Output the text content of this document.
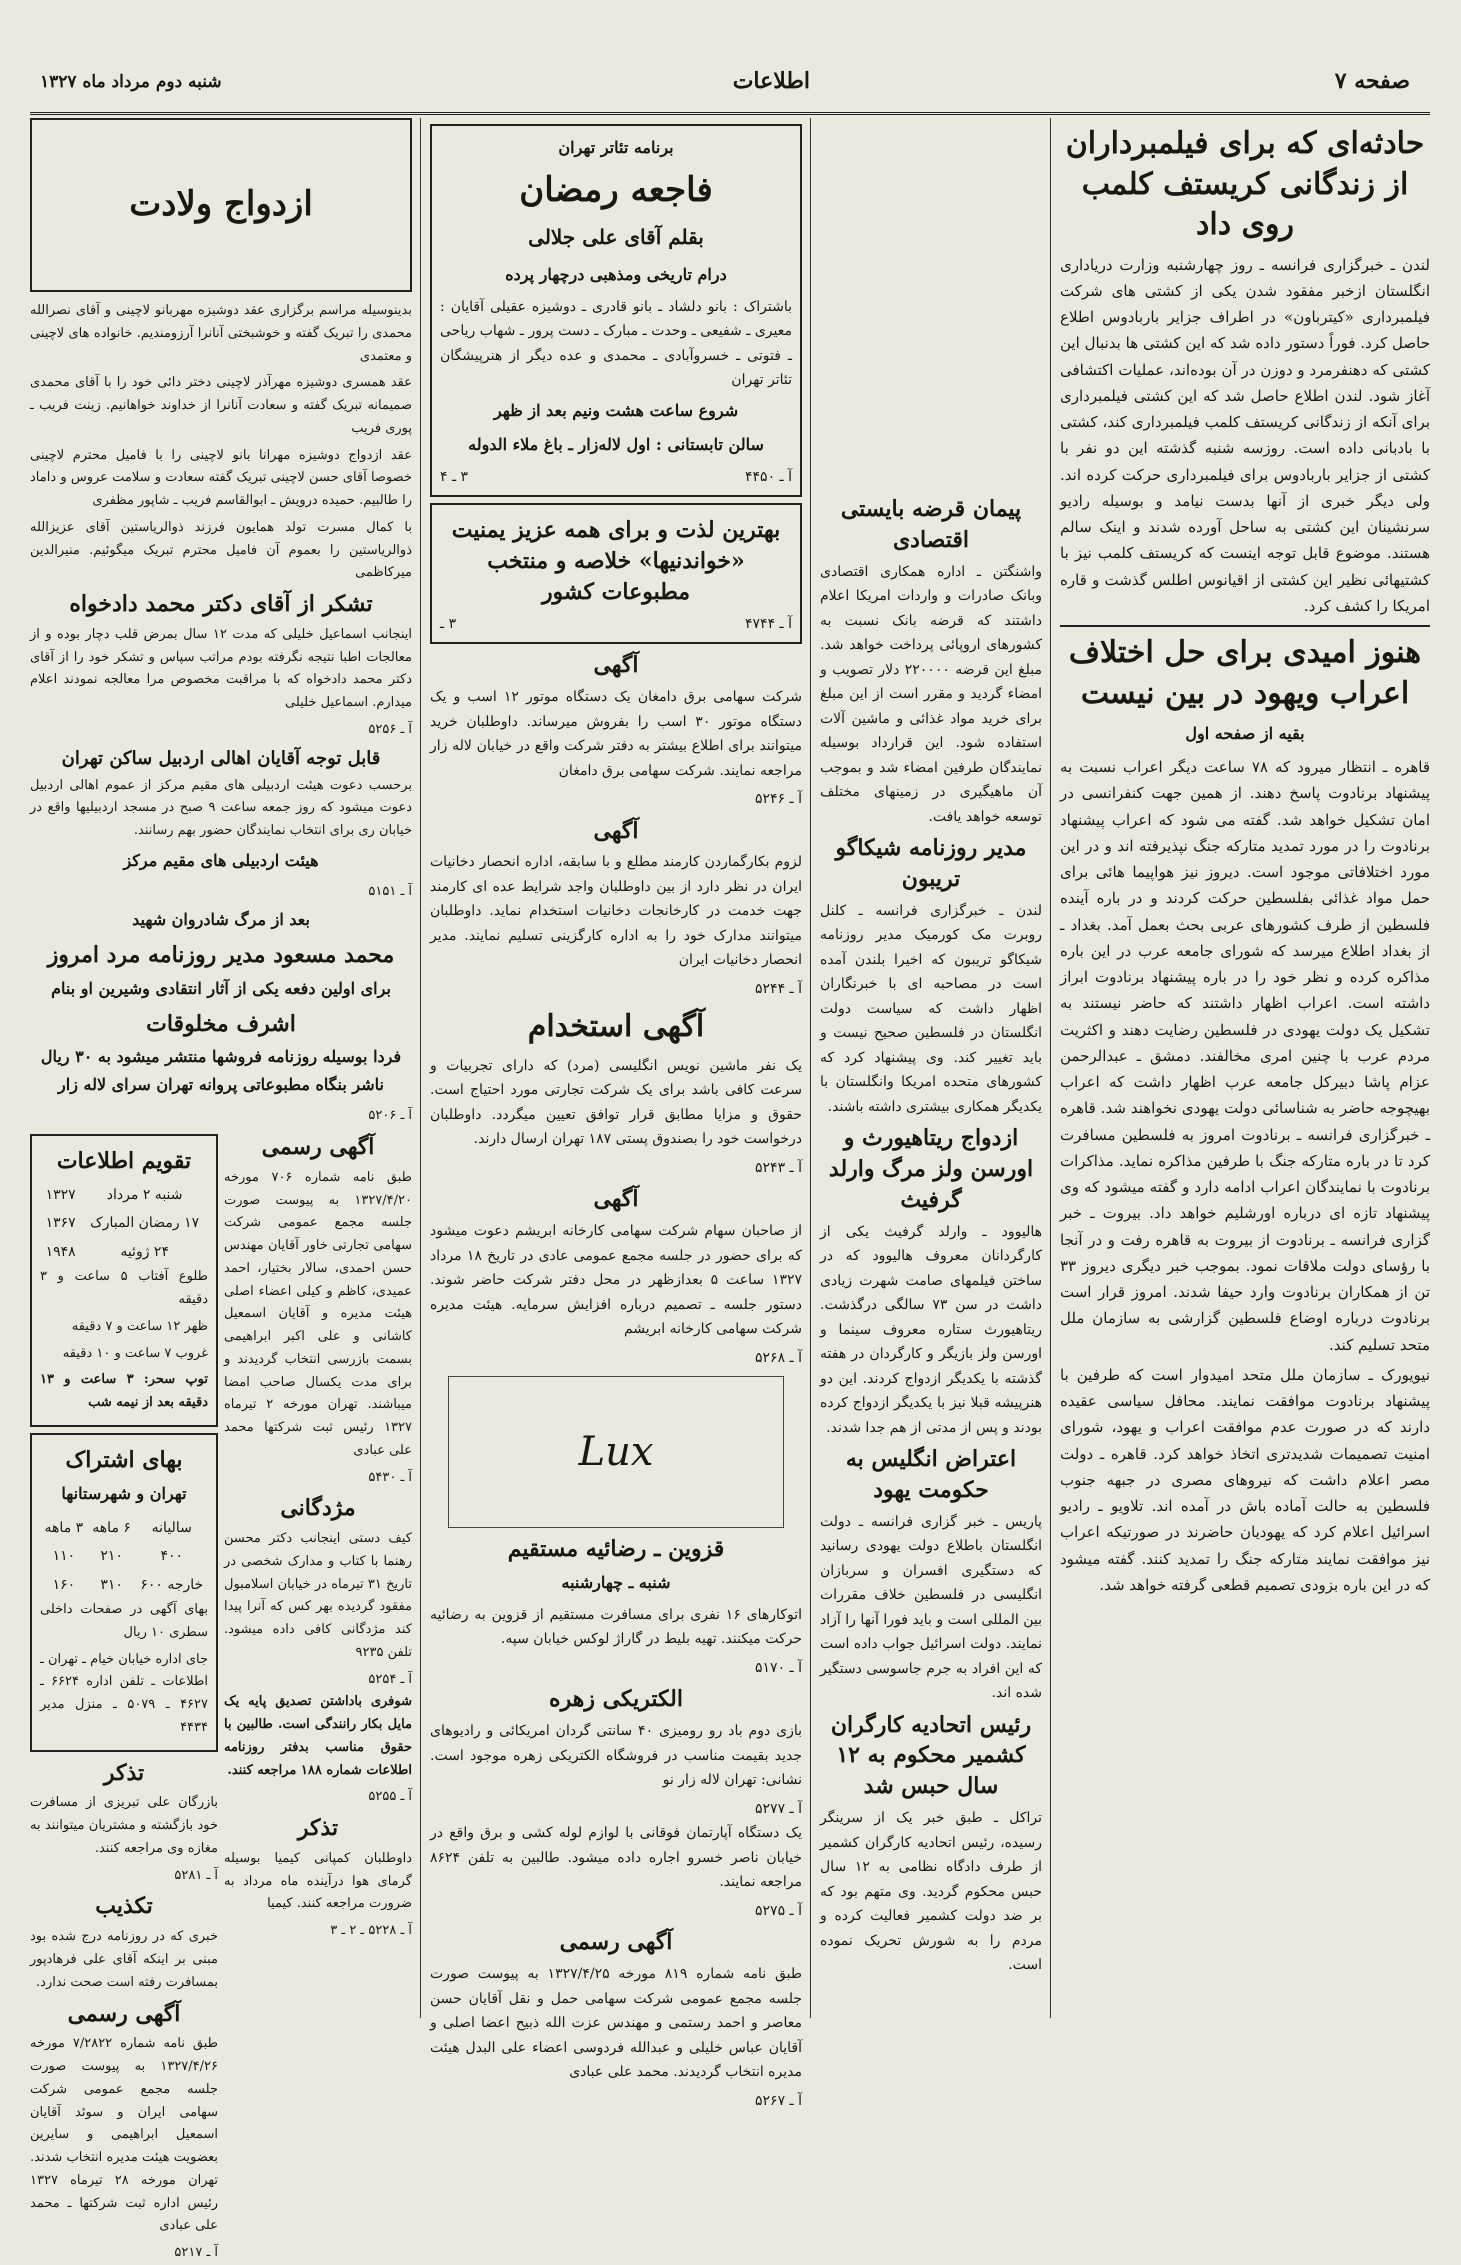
صفحه ۷
اطلاعات
شنبه دوم مرداد ماه ۱۳۲۷
حادثه‌ای که برای فیلمبرداران از زندگانی کریستف کلمب روی داد
لندن ـ خبرگزاری فرانسه ـ روز چهارشنبه وزارت دریاداری انگلستان ازخبر مفقود شدن یکی از کشتی های شرکت فیلمبرداری «کیترباون» در اطراف جزایر باربادوس اطلاع حاصل کرد. فوراً دستور داده شد که این کشتی ها بدنبال این کشتی که دهنفرمرد و دوزن در آن بوده‌اند، عملیات اکتشافی آغاز شود. لندن اطلاع حاصل شد که این کشتی فیلمبرداری برای آنکه از زندگانی کریستف کلمب فیلمبرداری کند، کشتی با بادبانی داده است. روزسه شنبه گذشته این دو نفر با کشتی از جزایر باربادوس برای فیلمبرداری حرکت کرده اند. ولی دیگر خبری از آنها بدست نیامد و بوسیله رادیو سرنشینان این کشتی به ساحل آورده شدند و اینک سالم هستند. موضوع قابل توجه اینست که کریستف کلمب نیز با کشتیهائی نظیر این کشتی از اقیانوس اطلس گذشت و قاره امریکا را کشف کرد.
هنوز امیدی برای حل اختلاف اعراب ویهود در بین نیست
بقیه از صفحه اول
قاهره ـ انتظار میرود که ۷۸ ساعت دیگر اعراب نسبت به پیشنهاد برنادوت پاسخ دهند. از همین جهت کنفرانسی در امان تشکیل خواهد شد. گفته می شود که اعراب پیشنهاد برنادوت را در مورد تمدید متارکه جنگ نپذیرفته اند و در این مورد اختلافاتی موجود است. دیروز نیز هواپیما هائی برای حمل مواد غذائی بفلسطین حرکت کردند و در باره آینده فلسطین از طرف کشورهای عربی بحث بعمل آمد. بغداد ـ از بغداد اطلاع میرسد که شورای جامعه عرب در این باره مذاکره کرده و نظر خود را در باره پیشنهاد برنادوت ابراز داشته است. اعراب اظهار داشتند که حاضر نیستند به تشکیل یک دولت یهودی در فلسطین رضایت دهند و اکثریت مردم عرب با چنین امری مخالفند. دمشق ـ عبدالرحمن عزام پاشا دبیرکل جامعه عرب اظهار داشت که اعراب بهیچوجه حاضر به شناسائی دولت یهودی نخواهند شد. قاهره ـ خبرگزاری فرانسه ـ برنادوت امروز به فلسطین مسافرت کرد تا در باره متارکه جنگ با طرفین مذاکره نماید. مذاکرات برنادوت با نمایندگان اعراب ادامه دارد و گفته میشود که وی پیشنهاد تازه ای درباره اورشلیم خواهد داد. بیروت ـ خبر گزاری فرانسه ـ برنادوت از بیروت به قاهره رفت و در آنجا با رؤسای دولت ملاقات نمود. بموجب خبر دیگری دیروز ۳۳ تن از همکاران برنادوت وارد حیفا شدند. امروز قرار است برنادوت درباره اوضاع فلسطین گزارشی به سازمان ملل متحد تسلیم کند.
نیویورک ـ سازمان ملل متحد امیدوار است که طرفین با پیشنهاد برنادوت موافقت نمایند. محافل سیاسی عقیده دارند که در صورت عدم موافقت اعراب و یهود، شورای امنیت تصمیمات شدیدتری اتخاذ خواهد کرد. قاهره ـ دولت مصر اعلام داشت که نیروهای مصری در جبهه جنوب فلسطین به حالت آماده باش در آمده اند. تلاویو ـ رادیو اسرائیل اعلام کرد که یهودیان حاضرند در صورتیکه اعراب نیز موافقت نمایند متارکه جنگ را تمدید کنند. گفته میشود که در این باره بزودی تصمیم قطعی گرفته خواهد شد.
پیمان قرضه بایستی اقتصادی
واشنگتن ـ اداره همکاری اقتصادی وبانک صادرات و واردات امریکا اعلام داشتند که قرضه بانک نسبت به کشورهای اروپائی پرداخت خواهد شد. مبلغ این قرضه ۲۲۰۰۰۰ دلار تصویب و امضاء گردید و مقرر است از این مبلغ برای خرید مواد غذائی و ماشین آلات استفاده شود. این قرارداد بوسیله نمایندگان طرفین امضاء شد و بموجب آن ماهیگیری در زمینهای مختلف توسعه خواهد یافت.
مدیر روزنامه شیکاگو تریبون
لندن ـ خبرگزاری فرانسه ـ کلنل روبرت مک کورمیک مدیر روزنامه شیکاگو تریبون که اخیرا بلندن آمده است در مصاحبه ای با خبرنگاران اظهار داشت که سیاست دولت انگلستان در فلسطین صحیح نیست و باید تغییر کند. وی پیشنهاد کرد که کشورهای متحده امریکا وانگلستان با یکدیگر همکاری بیشتری داشته باشند.
ازدواج ریتاهیورث و اورسن ولز مرگ وارلد گرفیث
هالیوود ـ وارلد گرفیث یکی از کارگردانان معروف هالیوود که در ساختن فیلمهای صامت شهرت زیادی داشت در سن ۷۳ سالگی درگذشت. ریتاهیورث ستاره معروف سینما و اورسن ولز بازیگر و کارگردان در هفته گذشته با یکدیگر ازدواج کردند. این دو هنرپیشه قبلا نیز با یکدیگر ازدواج کرده بودند و پس از مدتی از هم جدا شدند.
اعتراض انگلیس به حکومت یهود
پاریس ـ خبر گزاری فرانسه ـ دولت انگلستان باطلاع دولت یهودی رسانید که دستگیری افسران و سربازان انگلیسی در فلسطین خلاف مقررات بین المللی است و باید فورا آنها را آزاد نمایند. دولت اسرائیل جواب داده است که این افراد به جرم جاسوسی دستگیر شده اند.
رئیس اتحادیه کارگران کشمیر محکوم به ۱۲ سال حبس شد
تراکل ـ طبق خبر یک از سرینگر رسیده، رئیس اتحادیه کارگران کشمیر از طرف دادگاه نظامی به ۱۲ سال حبس محکوم گردید. وی متهم بود که بر ضد دولت کشمیر فعالیت کرده و مردم را به شورش تحریک نموده است.
برنامه تئاتر تهران
فاجعه رمضان
بقلم آقای علی جلالی
درام تاریخی ومذهبی درچهار پرده
باشتراک : بانو دلشاد ـ بانو قادری ـ دوشیزه عقیلی آقایان : معیری ـ شفیعی ـ وحدت ـ مبارک ـ دست پرور ـ شهاب ریاحی ـ فتوتی ـ خسروآبادی ـ محمدی و عده دیگر از هنرپیشگان تئاتر تهران
شروع ساعت هشت ونیم بعد از ظهر
سالن تابستانی : اول لاله‌زار ـ باغ ملاء الدوله
آ ـ ۴۴۵۰
۳ ـ ۴
بهترین لذت و برای همه عزیز یمنیت «خواندنیها» خلاصه و منتخب مطبوعات کشور
آ ـ ۴۷۴۴
۳ ـ
آگهی
شرکت سهامی برق دامغان یک دستگاه موتور ۱۲ اسب و یک دستگاه موتور ۳۰ اسب را بفروش میرساند. داوطلبان خرید میتوانند برای اطلاع بیشتر به دفتر شرکت واقع در خیابان لاله زار مراجعه نمایند. شرکت سهامی برق دامغان
آ ـ ۵۲۴۶
آگهی
لزوم بکارگماردن کارمند مطلع و با سابقه، اداره انحصار دخانیات ایران در نظر دارد از بین داوطلبان واجد شرایط عده ای کارمند جهت خدمت در کارخانجات دخانیات استخدام نماید. داوطلبان میتوانند مدارک خود را به اداره کارگزینی تسلیم نمایند. مدیر انحصار دخانیات ایران
آ ـ ۵۲۴۴
آگهی استخدام
یک نفر ماشین نویس انگلیسی (مرد) که دارای تجربیات و سرعت کافی باشد برای یک شرکت تجارتی مورد احتیاج است. حقوق و مزایا مطابق قرار توافق تعیین میگردد. داوطلبان درخواست خود را بصندوق پستی ۱۸۷ تهران ارسال دارند.
آ ـ ۵۲۴۳
آگهی
از صاحبان سهام شرکت سهامی کارخانه ابریشم دعوت میشود که برای حضور در جلسه مجمع عمومی عادی در تاریخ ۱۸ مرداد ۱۳۲۷ ساعت ۵ بعدازظهر در محل دفتر شرکت حاضر شوند. دستور جلسه ـ تصمیم درباره افزایش سرمایه. هیئت مدیره شرکت سهامی کارخانه ابریشم
آ ـ ۵۲۶۸
Lux
قزوین ـ رضائیه مستقیم
شنبه ـ چهارشنبه
اتوکارهای ۱۶ نفری برای مسافرت مستقیم از قزوین به رضائیه حرکت میکنند. تهیه بلیط در گاراژ لوکس خیابان سپه.
آ ـ ۵۱۷۰
الکتریکی زهره
بازی دوم باد رو رومیزی ۴۰ سانتی گردان امریکائی و رادیوهای جدید بقیمت مناسب در فروشگاه الکتریکی زهره موجود است. نشانی: تهران لاله زار نو
آ ـ ۵۲۷۷
یک دستگاه آپارتمان فوقانی با لوازم لوله کشی و برق واقع در خیابان ناصر خسرو اجاره داده میشود. طالبین به تلفن ۸۶۲۴ مراجعه نمایند.
آ ـ ۵۲۷۵
آگهی رسمی
طبق نامه شماره ۸۱۹ مورخه ۱۳۲۷/۴/۲۵ به پیوست صورت جلسه مجمع عمومی شرکت سهامی حمل و نقل آقایان حسن معاصر و احمد رستمی و مهندس عزت الله ذبیح اعضا اصلی و آقایان عباس خلیلی و عبدالله فردوسی اعضاء علی البدل هیئت مدیره انتخاب گردیدند. محمد علی عبادی
آ ـ ۵۲۶۷
ازدواج ولادت
بدینوسیله مراسم برگزاری عقد دوشیزه مهربانو لاچینی و آقای نصرالله محمدی را تبریک گفته و خوشبختی آنانرا آرزومندیم. خانواده های لاچینی و معتمدی
عقد همسری دوشیزه مهرآذر لاچینی دختر دائی خود را با آقای محمدی صمیمانه تبریک گفته و سعادت آنانرا از خداوند خواهانیم. زینت فریب ـ پوری فریب
عقد ازدواج دوشیزه مهرانا بانو لاچینی را با فامیل محترم لاچینی خصوصا آقای حسن لاچینی تبریک گفته سعادت و سلامت عروس و داماد را طالبیم. حمیده درویش ـ ابوالقاسم فریب ـ شاپور مظفری
با کمال مسرت تولد همایون فرزند ذوالریاستین آقای عزیزالله ذوالریاستین را بعموم آن فامیل محترم تبریک میگوئیم. منیرالدین میرکاظمی
تشکر از آقای دکتر محمد دادخواه
اینجانب اسماعیل خلیلی که مدت ۱۲ سال بمرض قلب دچار بوده و از معالجات اطبا نتیجه نگرفته بودم مراتب سپاس و تشکر خود را از آقای دکتر محمد دادخواه که با مراقبت مخصوص مرا معالجه نمودند اعلام میدارم. اسماعیل خلیلی
آ ـ ۵۲۵۶
قابل توجه آقایان اهالی اردبیل ساکن تهران
برحسب دعوت هیئت اردبیلی های مقیم مرکز از عموم اهالی اردبیل دعوت میشود که روز جمعه ساعت ۹ صبح در مسجد اردبیلیها واقع در خیابان ری برای انتخاب نمایندگان حضور بهم رسانند.
هیئت اردبیلی های مقیم مرکز
آ ـ ۵۱۵۱
بعد از مرگ شادروان شهید
محمد مسعود مدیر روزنامه مرد امروز
برای اولین دفعه یکی از آثار انتقادی وشیرین او بنام
اشرف مخلوقات
فردا بوسیله روزنامه فروشها منتشر میشود به ۳۰ ریال ناشر بنگاه مطبوعاتی پروانه تهران سرای لاله زار
آ ـ ۵۲۰۶
آگهی رسمی
طبق نامه شماره ۷۰۶ مورخه ۱۳۲۷/۴/۲۰ به پیوست صورت جلسه مجمع عمومی شرکت سهامی تجارتی خاور آقایان مهندس حسن احمدی، سالار بختیار، احمد عمیدی، کاظم و کیلی اعضاء اصلی هیئت مدیره و آقایان اسمعیل کاشانی و علی اکبر ابراهیمی بسمت بازرسی انتخاب گردیدند و برای مدت یکسال صاحب امضا میباشند. تهران مورخه ۲ تیرماه ۱۳۲۷ رئیس ثبت شرکتها محمد علی عبادی
آ ـ ۵۴۳۰
مژدگانی
کیف دستی اینجانب دکتر محسن رهنما با کتاب و مدارک شخصی در تاریخ ۳۱ تیرماه در خیابان اسلامبول مفقود گردیده بهر کس که آنرا پیدا کند مژدگانی کافی داده میشود. تلفن ۹۲۳۵
آ ـ ۵۲۵۴
شوفری باداشتن تصدیق پایه یک مایل بکار رانندگی است. طالبین با حقوق مناسب بدفتر روزنامه اطلاعات شماره ۱۸۸ مراجعه کنند.
آ ـ ۵۲۵۵
تذکر
داوطلبان کمپانی کیمیا بوسیله گرمای هوا درآینده ماه مرداد به ضرورت مراجعه کنند. کیمیا
آ ـ ۵۲۲۸ ـ ۲ ـ ۳
تقویم اطلاعات
شنبه ۲ مرداد	۱۳۲۷
۱۷ رمضان المبارک	۱۳۶۷
۲۴ ژوئیه	۱۹۴۸
طلوع آفتاب ۵ ساعت و ۳ دقیقه
ظهر ۱۲ ساعت و ۷ دقیقه
غروب ۷ ساعت و ۱۰ دقیقه
توپ سحر: ۳ ساعت و ۱۳ دقیقه بعد از نیمه شب
بهای اشتراک
تهران و شهرستانها
سالیانه	۶ ماهه	۳ ماهه
۴۰۰	۲۱۰	۱۱۰
خارجه ۶۰۰	۳۱۰	۱۶۰
بهای آگهی در صفحات داخلی سطری ۱۰ ریال
جای اداره خیابان خیام ـ تهران ـ اطلاعات ـ تلفن اداره ۶۶۲۴ ـ ۴۶۲۷ ـ ۵۰۷۹ ـ منزل مدیر ۴۴۳۴
تذکر
بازرگان علی تبریزی از مسافرت خود بازگشته و مشتریان میتوانند به مغازه وی مراجعه کنند.
آ ـ ۵۲۸۱
تکذیب
خبری که در روزنامه درج شده بود مبنی بر اینکه آقای علی فرهادپور بمسافرت رفته است صحت ندارد.
آگهی رسمی
طبق نامه شماره ۷/۲۸۲۲ مورخه ۱۳۲۷/۴/۲۶ به پیوست صورت جلسه مجمع عمومی شرکت سهامی ایران و سوئد آقایان اسمعیل ابراهیمی و سایرین بعضویت هیئت مدیره انتخاب شدند. تهران مورخه ۲۸ تیرماه ۱۳۲۷ رئیس اداره ثبت شرکتها ـ محمد علی عبادی
آ ـ ۵۲۱۷
